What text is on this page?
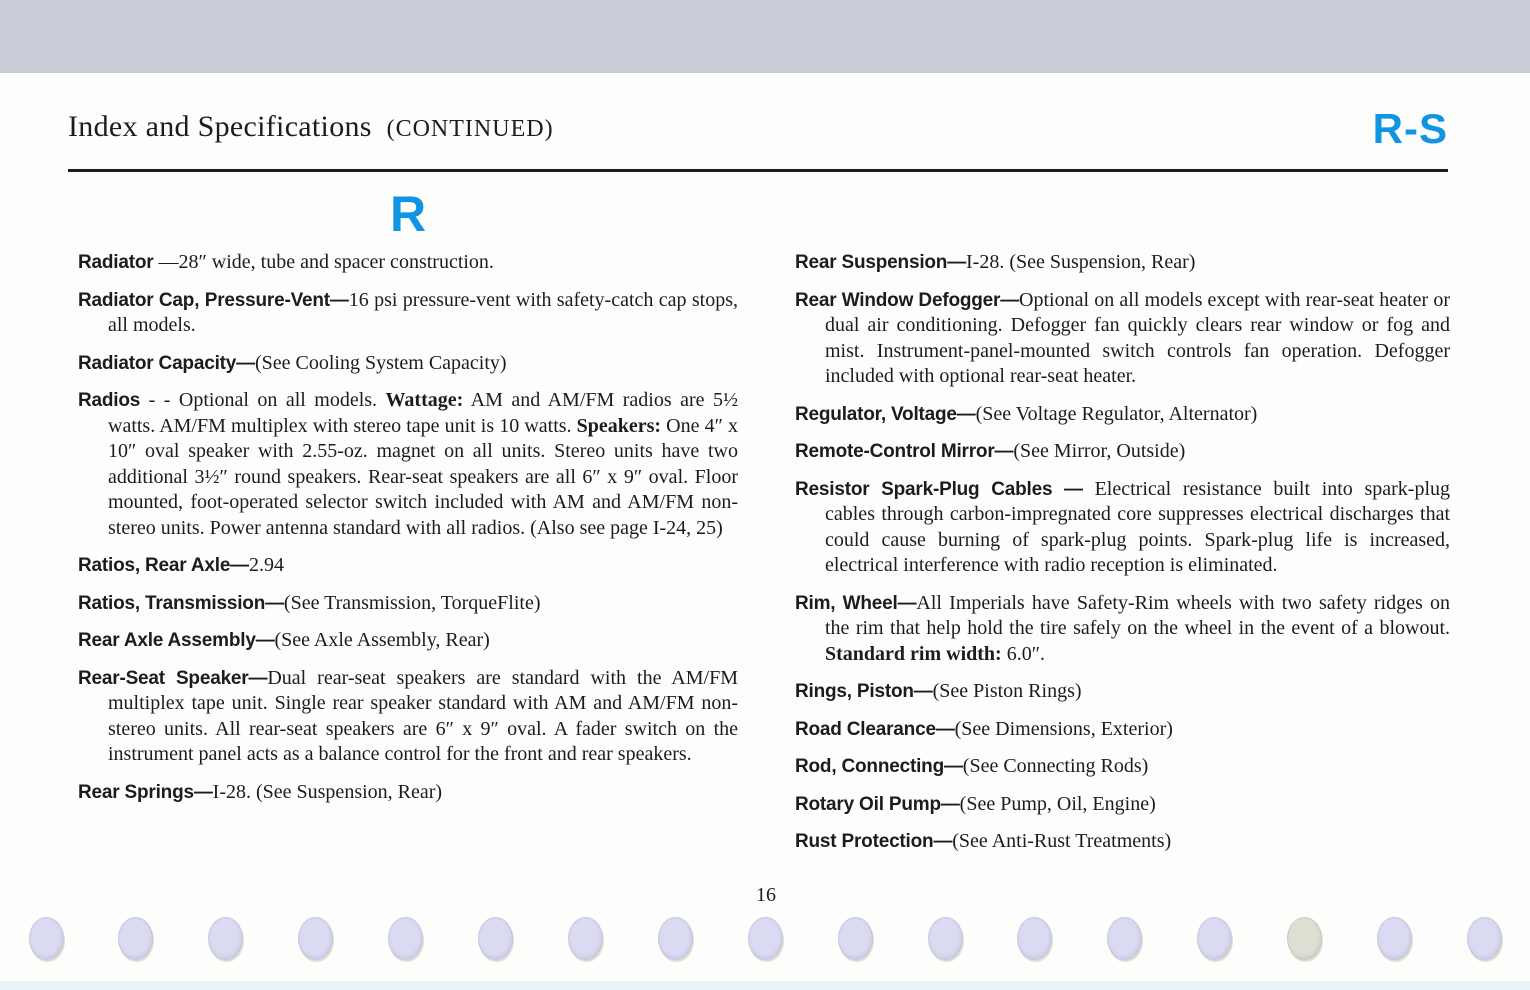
Index and Specifications (CONTINUED)	R-S
R

Radiator —28″ wide, tube and spacer construction.

Radiator Cap, Pressure-Vent—16 psi pressure-vent with safety-catch cap stops, all models.

Radiator Capacity—(See Cooling System Capacity)

Radios - - Optional on all models. Wattage: AM and AM/FM radios are 5½ watts. AM/FM multiplex with stereo tape unit is 10 watts. Speakers: One 4″ x 10″ oval speaker with 2.55-oz. magnet on all units. Stereo units have two additional 3½″ round speakers. Rear-seat speakers are all 6″ x 9″ oval. Floor mounted, foot-operated selector switch included with AM and AM/FM non-stereo units. Power antenna standard with all radios. (Also see page I-24, 25)

Ratios, Rear Axle—2.94

Ratios, Transmission—(See Transmission, TorqueFlite)

Rear Axle Assembly—(See Axle Assembly, Rear)

Rear-Seat Speaker—Dual rear-seat speakers are standard with the AM/FM multiplex tape unit. Single rear speaker standard with AM and AM/FM non-stereo units. All rear-seat speakers are 6″ x 9″ oval. A fader switch on the instrument panel acts as a balance control for the front and rear speakers.

Rear Springs—I-28. (See Suspension, Rear)

Rear Suspension—I-28. (See Suspension, Rear)

Rear Window Defogger—Optional on all models except with rear-seat heater or dual air conditioning. Defogger fan quickly clears rear window or fog and mist. Instrument-panel-mounted switch controls fan operation. Defogger included with optional rear-seat heater.

Regulator, Voltage—(See Voltage Regulator, Alternator)

Remote-Control Mirror—(See Mirror, Outside)

Resistor Spark-Plug Cables — Electrical resistance built into spark-plug cables through carbon-impregnated core suppresses electrical discharges that could cause burning of spark-plug points. Spark-plug life is increased, electrical interference with radio reception is eliminated.

Rim, Wheel—All Imperials have Safety-Rim wheels with two safety ridges on the rim that help hold the tire safely on the wheel in the event of a blowout. Standard rim width: 6.0″.

Rings, Piston—(See Piston Rings)

Road Clearance—(See Dimensions, Exterior)

Rod, Connecting—(See Connecting Rods)

Rotary Oil Pump—(See Pump, Oil, Engine)

Rust Protection—(See Anti-Rust Treatments)

16
